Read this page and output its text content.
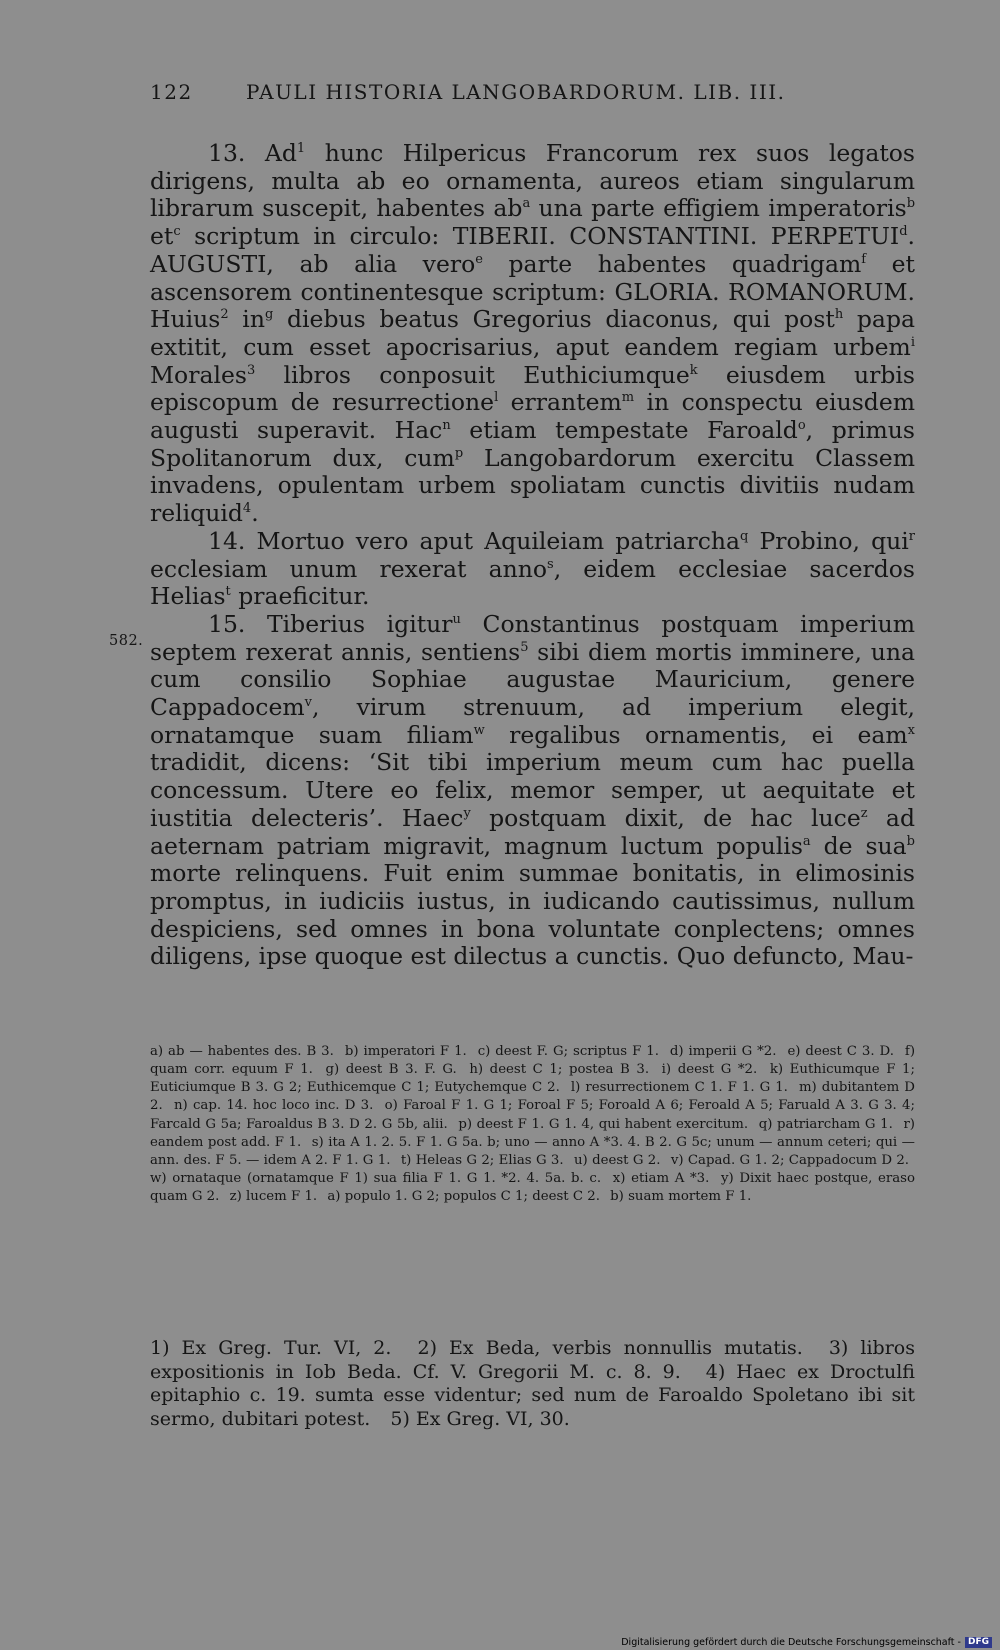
122	PAULI HISTORIA LANGOBARDORUM. LIB. III.
582.

13. Ad$^1$ hunc Hilpericus Francorum rex suos legatos dirigens, multa ab eo ornamenta, aureos etiam singularum librarum suscepit, habentes $ab^a$ una parte effigiem imperatoris$^b$ $et^c$ scriptum in circulo: TIBERII. CONSTANTINI. PERPETUI$^d$. AUGUSTI, ab alia vero$^e$ parte habentes quadrigam$^f$ et ascensorem continentesque scriptum: GLORIA. ROMANORUM. Huius$^2$ $in^g$ diebus beatus Gregorius diaconus, qui post$^h$ papa extitit, cum esset apocrisarius, aput eandem regiam urbem$^i$ Morales$^3$ libros conposuit Euthiciumque$^k$ eiusdem urbis episcopum de resurrectione$^l$ errantem$^m$ in conspectu eiusdem augusti superavit. Hac$^n$ etiam tempestate Faroald$^o$, primus Spolitanorum dux, cum$^p$ Langobardorum exercitu Classem invadens, opulentam urbem spoliatam cunctis divitiis nudam reliquid$^4$.

14. Mortuo vero aput Aquileiam patriarcha$^q$ Probino, qui$^r$ ecclesiam unum rexerat anno$^s$, eidem ecclesiae sacerdos Helias$^t$ praeficitur.

15. Tiberius igitur$^u$ Constantinus postquam imperium septem rexerat annis, sentiens$^5$ sibi diem mortis imminere, una cum consilio Sophiae augustae Mauricium, genere Cappadocem$^v$, virum strenuum, ad imperium elegit, ornatamque suam filiam$^w$ regalibus ornamentis, ei eam$^x$ tradidit, dicens: ‘Sit tibi imperium meum cum hac puella concessum. Utere eo felix, memor semper, ut aequitate et iustitia delecteris’. Haec$^y$ postquam dixit, de hac luce$^z$ ad aeternam patriam migravit, magnum luctum populis$^a$ de sua$^b$ morte relinquens. Fuit enim summae bonitatis, in elimosinis promptus, in iudiciis iustus, in iudicando cautissimus, nullum despiciens, sed omnes in bona voluntate conplectens; omnes diligens, ipse quoque est dilectus a cunctis. Quo defuncto, Mau-

a) ab — habentes des. B 3. b) imperatori F 1. c) deest F. G; scriptus F 1. d) imperii G *2. e) deest C 3. D. f) quam corr. equum F 1. g) deest B 3. F. G. h) deest C 1; postea B 3. i) deest G *2. k) Euthicumque F 1; Euticiumque B 3. G 2; Euthicemque C 1; Eutychemque C 2. l) resurrectionem C 1. F 1. G 1. m) dubitantem D 2. n) cap. 14. hoc loco inc. D 3. o) Faroal F 1. G 1; Foroal F 5; Foroald A 6; Feroald A 5; Faruald A 3. G 3. 4; Farcald G 5a; Faroaldus B 3. D 2. G 5b, alii. p) deest F 1. G 1. 4, qui habent exercitum. q) patriarcham G 1. r) eandem post add. F 1. s) ita A 1. 2. 5. F 1. G 5a. b; uno — anno A *3. 4. B 2. G 5c; unum — annum ceteri; qui — ann. des. F 5. — idem A 2. F 1. G 1. t) Heleas G 2; Elias G 3. u) deest G 2. v) Capad. G 1. 2; Cappadocum D 2. w) ornataque (ornatamque F 1) sua filia F 1. G 1. *2. 4. 5a. b. c. x) etiam A *3. y) Dixit haec postque, eraso quam G 2. z) lucem F 1. a) populo 1. G 2; populos C 1; deest C 2. b) suam mortem F 1.

1) Ex Greg. Tur. VI, 2. 2) Ex Beda, verbis nonnullis mutatis. 3) libros expositionis in Iob Beda. Cf. V. Gregorii M. c. 8. 9. 4) Haec ex Droctulfi epitaphio c. 19. sumta esse videntur; sed num de Faroaldo Spoletano ibi sit sermo, dubitari potest. 5) Ex Greg. VI, 30.

Digitalisierung gefördert durch die Deutsche Forschungsgemeinschaft - DFG
